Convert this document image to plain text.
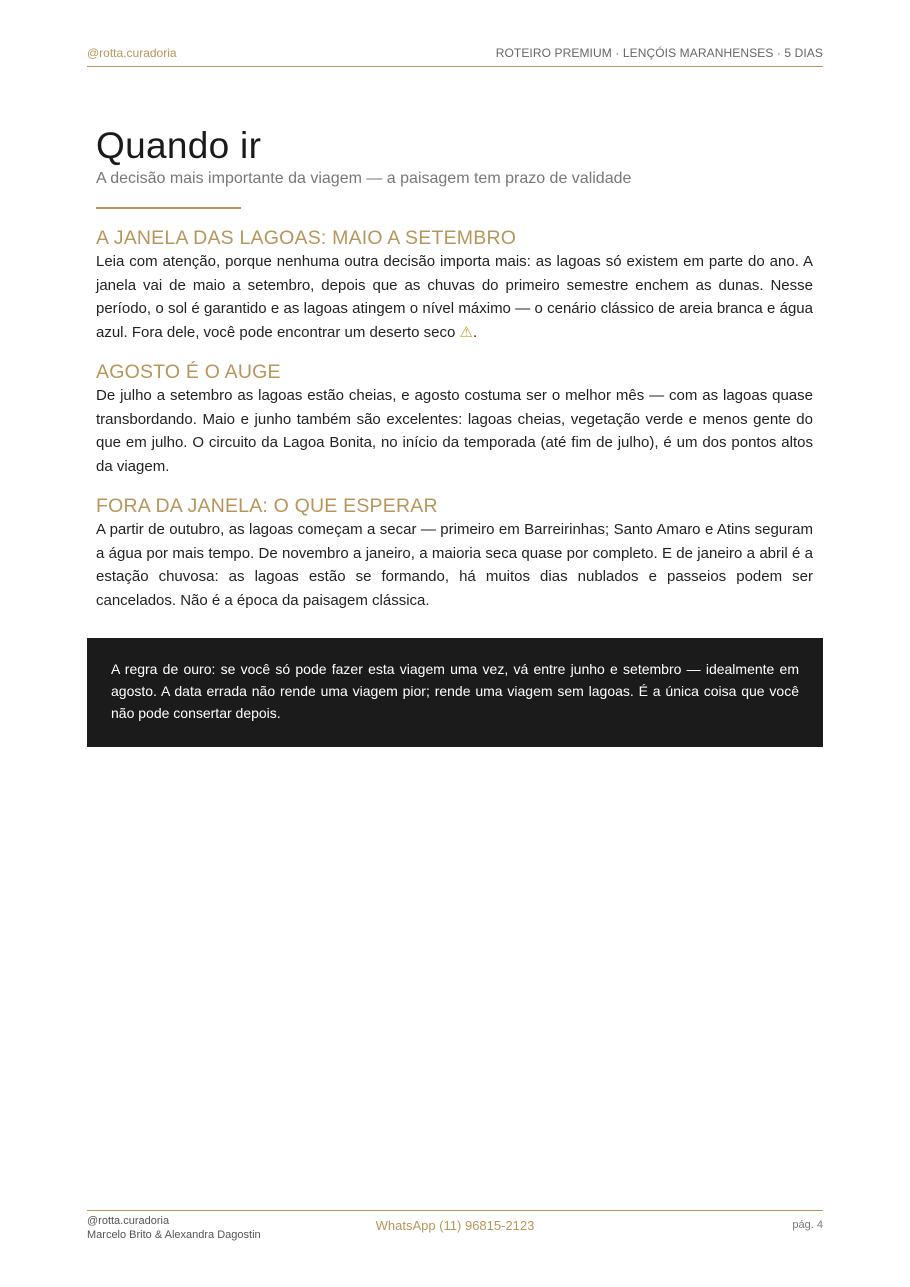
@rotta.curadoria	ROTEIRO PREMIUM · LENÇÓIS MARANHENSES · 5 DIAS
Quando ir
A decisão mais importante da viagem — a paisagem tem prazo de validade
A JANELA DAS LAGOAS: MAIO A SETEMBRO

Leia com atenção, porque nenhuma outra decisão importa mais: as lagoas só existem em parte do ano. A janela vai de maio a setembro, depois que as chuvas do primeiro semestre enchem as dunas. Nesse período, o sol é garantido e as lagoas atingem o nível máximo — o cenário clássico de areia branca e água azul. Fora dele, você pode encontrar um deserto seco ⚠.

AGOSTO É O AUGE

De julho a setembro as lagoas estão cheias, e agosto costuma ser o melhor mês — com as lagoas quase transbordando. Maio e junho também são excelentes: lagoas cheias, vegetação verde e menos gente do que em julho. O circuito da Lagoa Bonita, no início da temporada (até fim de julho), é um dos pontos altos da viagem.

FORA DA JANELA: O QUE ESPERAR

A partir de outubro, as lagoas começam a secar — primeiro em Barreirinhas; Santo Amaro e Atins seguram a água por mais tempo. De novembro a janeiro, a maioria seca quase por completo. E de janeiro a abril é a estação chuvosa: as lagoas estão se formando, há muitos dias nublados e passeios podem ser cancelados. Não é a época da paisagem clássica.

A regra de ouro: se você só pode fazer esta viagem uma vez, vá entre junho e setembro — idealmente em agosto. A data errada não rende uma viagem pior; rende uma viagem sem lagoas. É a única coisa que você não pode consertar depois.

@rotta.curadoria
Marcelo Brito & Alexandra Dagostin
WhatsApp (11) 96815-2123	pág. 4
